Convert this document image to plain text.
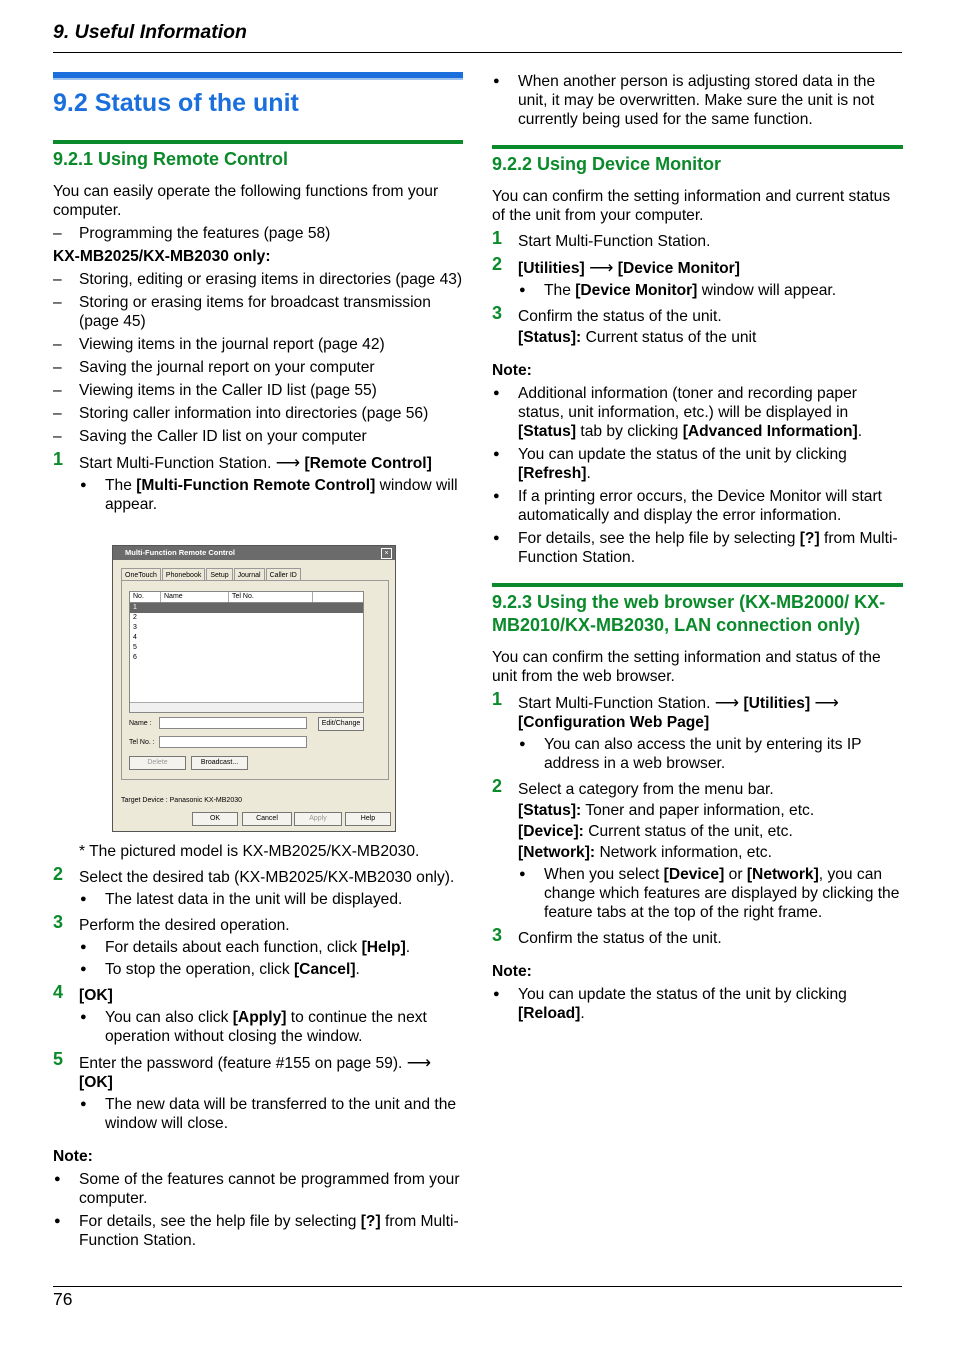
9. Useful Information
76
9.2 Status of the unit
9.2.1 Using Remote Control

You can easily operate the following functions from your computer.

– Programming the features (page 58)
KX-MB2025/KX-MB2030 only:
– Storing, editing or erasing items in directories (page 43)
– Storing or erasing items for broadcast transmission (page 45)
– Viewing items in the journal report (page 42)
– Saving the journal report on your computer
– Viewing items in the Caller ID list (page 55)
– Storing caller information into directories (page 56)
– Saving the Caller ID list on your computer
1 Start Multi-Function Station. ⟶ [Remote Control]
● The [Multi-Function Remote Control] window will appear.
* The pictured model is KX-MB2025/KX-MB2030.
2 Select the desired tab (KX-MB2025/KX-MB2030 only).
● The latest data in the unit will be displayed.
3 Perform the desired operation.
● For details about each function, click [Help].
● To stop the operation, click [Cancel].
4 [OK]
● You can also click [Apply] to continue the next operation without closing the window.
5 Enter the password (feature #155 on page 59). ⟶
[OK]
● The new data will be transferred to the unit and the window will close.
Note:
● Some of the features cannot be programmed from your computer.
● For details, see the help file by selecting [?] from Multi-Function Station.
Multi-Function Remote Control	×
OneTouch	Phonebook	Setup	Journal	Caller ID
No.	Name	Tel No.
1
2
3
4
5
6
Name :	Edit/Change
Tel No. :
Delete	Broadcast...
Target Device : Panasonic KX-MB2030
OK	Cancel	Apply	Help
● When another person is adjusting stored data in the unit, it may be overwritten. Make sure the unit is not currently being used for the same function.
9.2.2 Using Device Monitor

You can confirm the setting information and current status of the unit from your computer.

1 Start Multi-Function Station.
2 [Utilities] ⟶ [Device Monitor]
● The [Device Monitor] window will appear.
3 Confirm the status of the unit.
[Status]: Current status of the unit
Note:
● Additional information (toner and recording paper status, unit information, etc.) will be displayed in [Status] tab by clicking [Advanced Information].
● You can update the status of the unit by clicking [Refresh].
● If a printing error occurs, the Device Monitor will start automatically and display the error information.
● For details, see the help file by selecting [?] from Multi-Function Station.
9.2.3 Using the web browser (KX-MB2000/ KX-MB2010/KX-MB2030, LAN connection only)

You can confirm the setting information and status of the unit from the web browser.

1 Start Multi-Function Station. ⟶ [Utilities] ⟶
[Configuration Web Page]
● You can also access the unit by entering its IP address in a web browser.
2 Select a category from the menu bar.
[Status]: Toner and paper information, etc.
[Device]: Current status of the unit, etc.
[Network]: Network information, etc.
● When you select [Device] or [Network], you can change which features are displayed by clicking the feature tabs at the top of the right frame.
3 Confirm the status of the unit.
Note:
● You can update the status of the unit by clicking [Reload].
